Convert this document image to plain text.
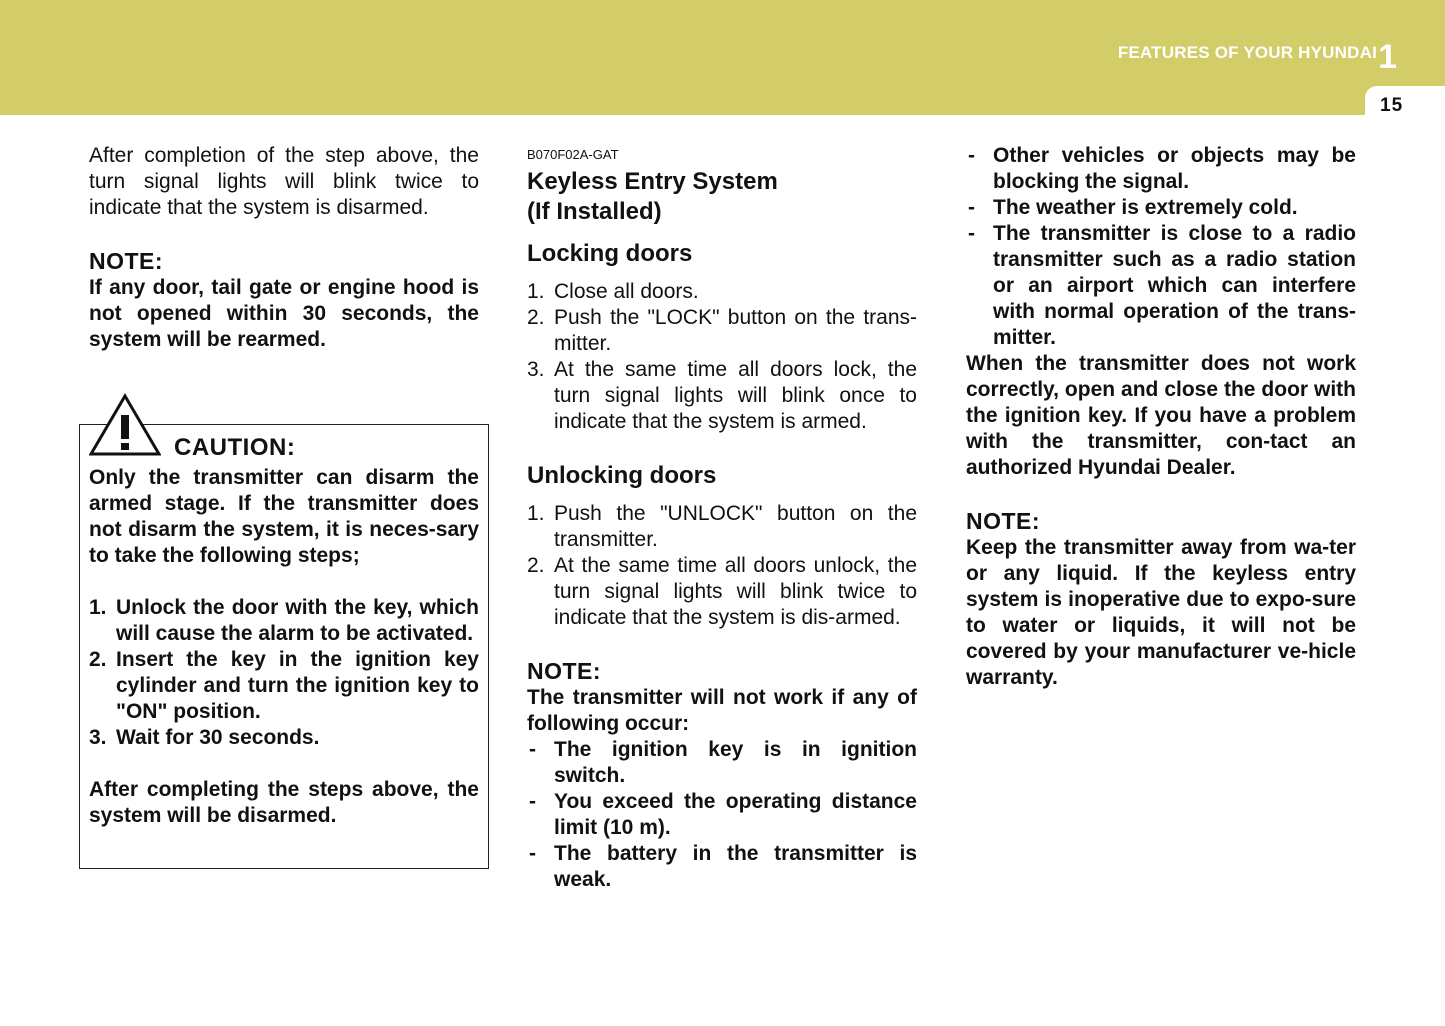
FEATURES OF YOUR HYUNDAI 1
15

After completion of the step above, the turn signal lights will blink twice to indicate that the system is disarmed.

NOTE:

If any door, tail gate or engine hood is not opened within 30 seconds, the system will be rearmed.

CAUTION:

Only the transmitter can disarm the armed stage. If the transmitter does not disarm the system, it is neces-sary to take the following steps;

1. Unlock the door with the key, which will cause the alarm to be activated.
2. Insert the key in the ignition key cylinder and turn the ignition key to "ON" position.
3. Wait for 30 seconds.

After completing the steps above, the system will be disarmed.

B070F02A-GAT

Keyless Entry System

(If Installed)

Locking doors

1. Close all doors.
2. Push the "LOCK" button on the trans-mitter.
3. At the same time all doors lock, the turn signal lights will blink once to indicate that the system is armed.

Unlocking doors

1. Push the "UNLOCK" button on the transmitter.
2. At the same time all doors unlock, the turn signal lights will blink twice to indicate that the system is dis-armed.

NOTE:

The transmitter will not work if any of following occur:

- The ignition key is in ignition switch.
- You exceed the operating distance limit (10 m).
- The battery in the transmitter is weak.
- Other vehicles or objects may be blocking the signal.
- The weather is extremely cold.
- The transmitter is close to a radio transmitter such as a radio station or an airport which can interfere with normal operation of the trans-mitter.

When the transmitter does not work correctly, open and close the door with the ignition key. If you have a problem with the transmitter, con-tact an authorized Hyundai Dealer.

NOTE:

Keep the transmitter away from wa-ter or any liquid. If the keyless entry system is inoperative due to expo-sure to water or liquids, it will not be covered by your manufacturer ve-hicle warranty.
